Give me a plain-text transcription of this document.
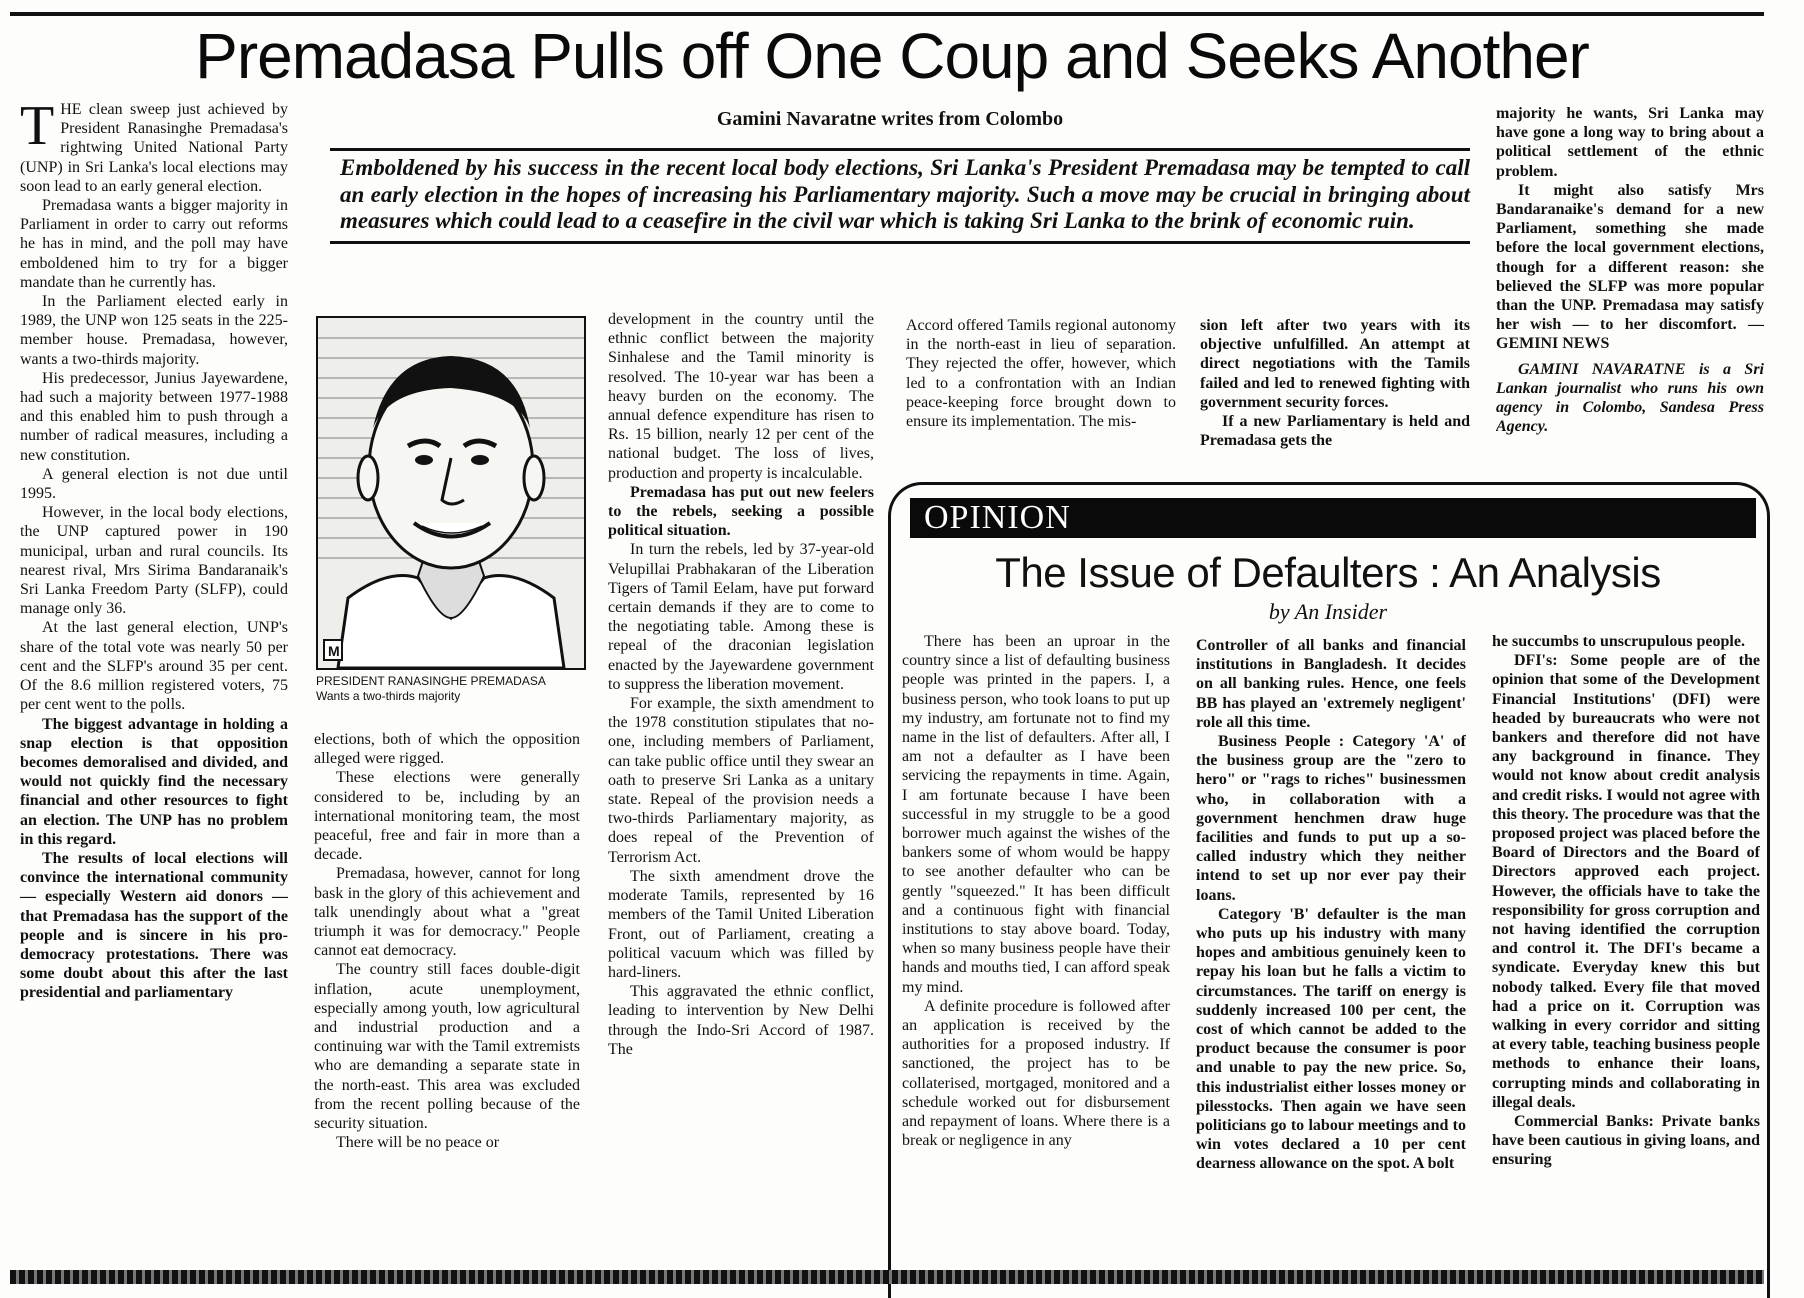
Premadasa Pulls off One Coup and Seeks Another
Gamini Navaratne writes from Colombo
Emboldened by his success in the recent local body elections, Sri Lanka's President Premadasa may be tempted to call an early election in the hopes of increasing his Parliamentary majority. Such a move may be crucial in bringing about measures which could lead to a ceasefire in the civil war which is taking Sri Lanka to the brink of economic ruin.

THE clean sweep just achieved by President Ranasinghe Premadasa's rightwing United National Party (UNP) in Sri Lanka's local elections may soon lead to an early general election.

Premadasa wants a bigger majority in Parliament in order to carry out reforms he has in mind, and the poll may have emboldened him to try for a bigger mandate than he currently has.

In the Parliament elected early in 1989, the UNP won 125 seats in the 225-member house. Premadasa, however, wants a two-thirds majority.

His predecessor, Junius Jayewardene, had such a majority between 1977-1988 and this enabled him to push through a number of radical measures, including a new constitution.

A general election is not due until 1995.

However, in the local body elections, the UNP captured power in 190 municipal, urban and rural councils. Its nearest rival, Mrs Sirima Bandaranaik's Sri Lanka Freedom Party (SLFP), could manage only 36.

At the last general election, UNP's share of the total vote was nearly 50 per cent and the SLFP's around 35 per cent. Of the 8.6 million registered voters, 75 per cent went to the polls.

The biggest advantage in holding a snap election is that opposition becomes demoralised and divided, and would not quickly find the necessary financial and other resources to fight an election. The UNP has no problem in this regard.

The results of local elections will convince the international community — especially Western aid donors — that Premadasa has the support of the people and is sincere in his pro-democracy protestations. There was some doubt about this after the last presidential and parliamentary

M
PRESIDENT RANASINGHE PREMADASA
Wants a two-thirds majority

elections, both of which the opposition alleged were rigged.

These elections were generally considered to be, including by an international monitoring team, the most peaceful, free and fair in more than a decade.

Premadasa, however, cannot for long bask in the glory of this achievement and talk unendingly about what a "great triumph it was for democracy." People cannot eat democracy.

The country still faces double-digit inflation, acute unemployment, especially among youth, low agricultural and industrial production and a continuing war with the Tamil extremists who are demanding a separate state in the north-east. This area was excluded from the recent polling because of the security situation.

There will be no peace or

development in the country until the ethnic conflict between the majority Sinhalese and the Tamil minority is resolved. The 10-year war has been a heavy burden on the economy. The annual defence expenditure has risen to Rs. 15 billion, nearly 12 per cent of the national budget. The loss of lives, production and property is incalculable.

Premadasa has put out new feelers to the rebels, seeking a possible political situation.

In turn the rebels, led by 37-year-old Velupillai Prabhakaran of the Liberation Tigers of Tamil Eelam, have put forward certain demands if they are to come to the negotiating table. Among these is repeal of the draconian legislation enacted by the Jayewardene government to suppress the liberation movement.

For example, the sixth amendment to the 1978 constitution stipulates that no-one, including members of Parliament, can take public office until they swear an oath to preserve Sri Lanka as a unitary state. Repeal of the provision needs a two-thirds Parliamentary majority, as does repeal of the Prevention of Terrorism Act.

The sixth amendment drove the moderate Tamils, represented by 16 members of the Tamil United Liberation Front, out of Parliament, creating a political vacuum which was filled by hard-liners.

This aggravated the ethnic conflict, leading to intervention by New Delhi through the Indo-Sri Accord of 1987. The

Accord offered Tamils regional autonomy in the north-east in lieu of separation. They rejected the offer, however, which led to a confrontation with an Indian peace-keeping force brought down to ensure its implementation. The mis-

sion left after two years with its objective unfulfilled. An attempt at direct negotiations with the Tamils failed and led to renewed fighting with government security forces.

If a new Parliamentary is held and Premadasa gets the

majority he wants, Sri Lanka may have gone a long way to bring about a political settlement of the ethnic problem.

It might also satisfy Mrs Bandaranaike's demand for a new Parliament, something she made before the local government elections, though for a different reason: she believed the SLFP was more popular than the UNP. Premadasa may satisfy her wish — to her discomfort. — GEMINI NEWS

GAMINI NAVARATNE is a Sri Lankan journalist who runs his own agency in Colombo, Sandesa Press Agency.

OPINION
The Issue of Defaulters : An Analysis
by An Insider

There has been an uproar in the country since a list of defaulting business people was printed in the papers. I, a business person, who took loans to put up my industry, am fortunate not to find my name in the list of defaulters. After all, I am not a defaulter as I have been servicing the repayments in time. Again, I am fortunate because I have been successful in my struggle to be a good borrower much against the wishes of the bankers some of whom would be happy to see another defaulter who can be gently "squeezed." It has been difficult and a continuous fight with financial institutions to stay above board. Today, when so many business people have their hands and mouths tied, I can afford speak my mind.

A definite procedure is followed after an application is received by the authorities for a proposed industry. If sanctioned, the project has to be collaterised, mortgaged, monitored and a schedule worked out for disbursement and repayment of loans. Where there is a break or negligence in any

Controller of all banks and financial institutions in Bangladesh. It decides on all banking rules. Hence, one feels BB has played an 'extremely negligent' role all this time.

Business People : Category 'A' of the business group are the "zero to hero" or "rags to riches" businessmen who, in collaboration with a government henchmen draw huge facilities and funds to put up a so-called industry which they neither intend to set up nor ever pay their loans.

Category 'B' defaulter is the man who puts up his industry with many hopes and ambitious genuinely keen to repay his loan but he falls a victim to circumstances. The tariff on energy is suddenly increased 100 per cent, the cost of which cannot be added to the product because the consumer is poor and unable to pay the new price. So, this industrialist either losses money or pilesstocks. Then again we have seen politicians go to labour meetings and to win votes declared a 10 per cent dearness allowance on the spot. A bolt

he succumbs to unscrupulous people.

DFI's: Some people are of the opinion that some of the Development Financial Institutions' (DFI) were headed by bureaucrats who were not bankers and therefore did not have any background in finance. They would not know about credit analysis and credit risks. I would not agree with this theory. The procedure was that the proposed project was placed before the Board of Directors and the Board of Directors approved each project. However, the officials have to take the responsibility for gross corruption and not having identified the corruption and control it. The DFI's became a syndicate. Everyday knew this but nobody talked. Every file that moved had a price on it. Corruption was walking in every corridor and sitting at every table, teaching business people methods to enhance their loans, corrupting minds and collaborating in illegal deals.

Commercial Banks: Private banks have been cautious in giving loans, and ensuring
